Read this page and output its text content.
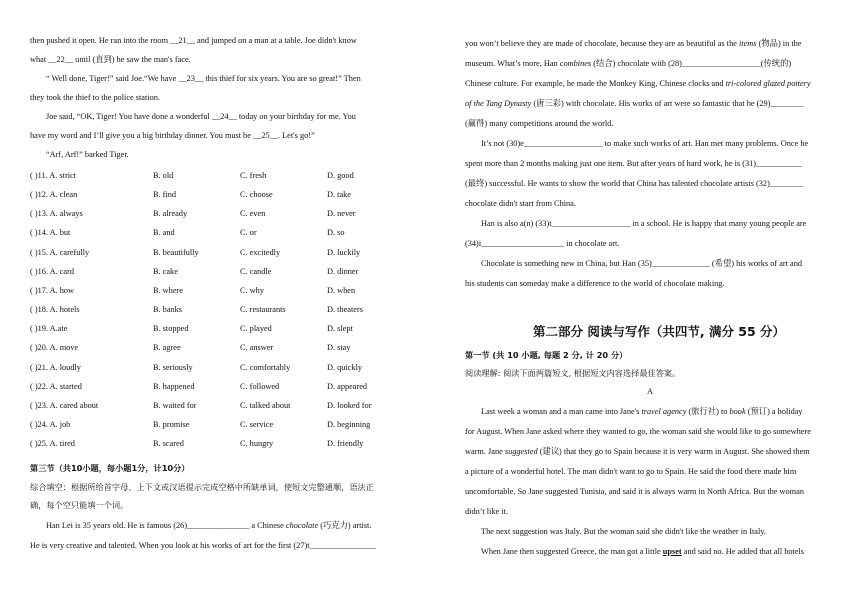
then pushed it open. He ran into the room __21__ and jumped on a man at a table. Joe didn't know
what __22__ until (直到) he saw the man's face.
“ Well done, Tiger!” said Joe.“We have __23__ this thief for six years. You are so great!” Then
they took the thief to the police station.
Joe said, “OK, Tiger! You have done a wonderful __24__ today on your birthday for me. You
have my word and I’ll give you a big birthday dinner. You must be __25__. Let's go!”
“Arf, Arf!” barked Tiger.
( )11. A. strict	B. old	C. fresh	D. good
( )12. A. clean	B. find	C. choose	D. take
( )13. A. always	B. already	C. even	D. never
( )14. A. but	B. and	C. or	D. so
( )15. A. carefully	B. beautifully	C. excitedly	D. luckily
( )16. A. card	B. cake	C. candle	D. dinner
( )17. A. how	B. where	C. why	D. when
( )18. A. hotels	B. banks	C. restaurants	D. theaters
( )19. A.ate	B. stopped	C. played	D. slept
( )20. A. move	B. agree	C. answer	D. stay
( )21. A. loudly	B. seriously	C. comfortably	D. quickly
( )22. A. started	B. happened	C. followed	D. appeared
( )23. A. cared about	B. waited for	C. talked about	D. looked for
( )24. A. job	B. promise	C. service	D. beginning
( )25. A. tired	B. scared	C. hungry	D. friendly
第三节（共10小题，每小题1分，计10分）
综合填空：根据所给首字母、上下文或汉语提示完成空格中所缺单词，使短文完整通顺，语法正
确，每个空只能填一个词。
Han Lei is 35 years old. He is famous (26)_______________ a Chinese chocolate (巧克力) artist.
He is very creative and talented. When you look at his works of art for the first (27)t________________
you won’t believe they are made of chocolate, because they are as beautiful as the items (物品) in the
museum. What’s more, Han combines (结合) chocolate with (28)___________________(传统的)
Chinese culture. For example, he made the Monkey King, Chinese clocks and tri-colored glazed pottery
of the Tang Dynasty (唐三彩) with chocolate. His works of art were so fantastic that he (29)________
(赢得) many competitions around the world.
It’s not (30)e___________________ to make such works of art. Han met many problems. Once he
spent more than 2 months making just one item. But after years of hard work, he is (31)___________
(最终) successful. He wants to show the world that China has talented chocolate artists (32)________
chocolate didn't start from China.
Han is also a(n) (33)t___________________ in a school. He is happy that many young people are
(34)i____________________ in chocolate art.
Chocolate is something new in China, but Han (35)______________ (希望) his works of art and
his students can someday make a difference to the world of chocolate making.
第二部分 阅读与写作（共四节, 满分 55 分）
第一节 (共 10 小题, 每题 2 分, 计 20 分）
阅读理解: 阅读下面两篇短文, 根据短文内容选择最佳答案。
A
Last week a woman and a man came into Jane's travel agency (旅行社) to book (预订) a holiday
for August. When Jane asked where they wanted to go, the woman said she would like to go somewhere
warm. Jane suggested (建议) that they go to Spain because it is very warm in August. She showed them
a picture of a wonderful hotel. The man didn't want to go to Spain. He said the food there made him
uncomfortable. So Jane suggested Tunisia, and said it is always warm in North Africa. But the woman
didn’t like it.
The next suggestion was Italy. But the woman said she didn't like the weather in Italy.
When Jane then suggested Greece, the man got a little upset and said no. He added that all hotels
